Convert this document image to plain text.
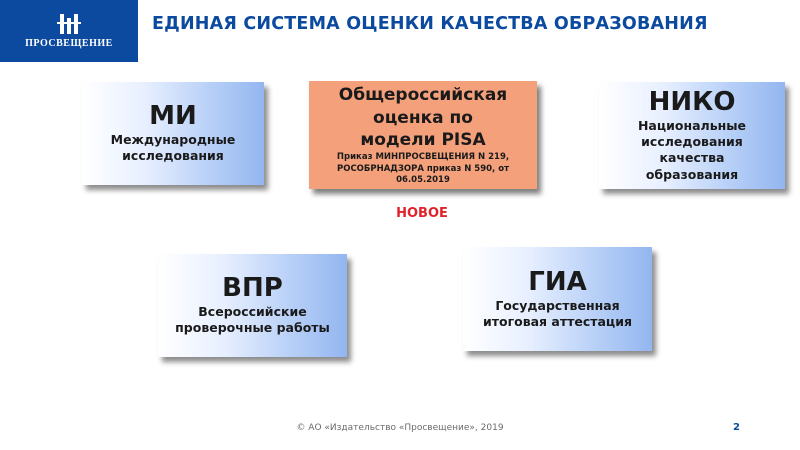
ПРОСВЕЩЕНИЕ
ЕДИНАЯ СИСТЕМА ОЦЕНКИ КАЧЕСТВА ОБРАЗОВАНИЯ
МИ
Международные
исследования
Общероссийская
оценка по
модели PISA
Приказ МИНПРОСВЕЩЕНИЯ N 219,
РОСОБРНАДЗОРА приказ N 590, от
06.05.2019
НИКО
Национальные
исследования
качества
образования
НОВОЕ
ВПР
Всероссийские
проверочные работы
ГИА
Государственная
итоговая аттестация
© АО «Издательство «Просвещение», 2019	2
